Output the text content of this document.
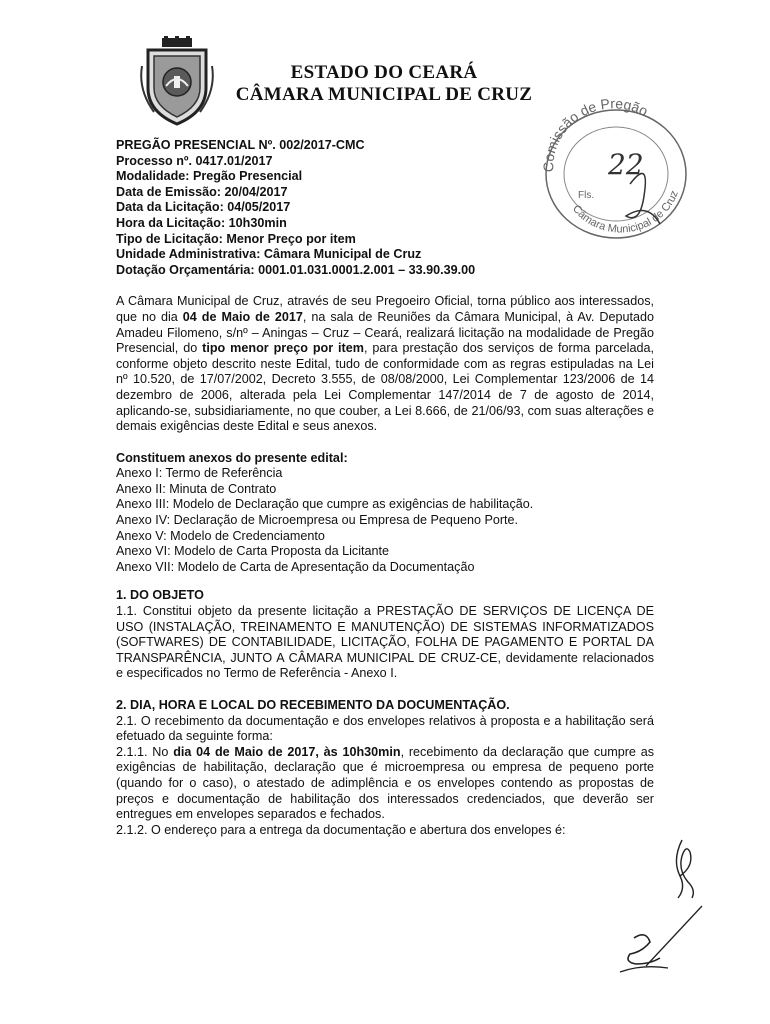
ESTADO DO CEARÁ
CÂMARA MUNICIPAL DE CRUZ
Comissão de Pregão
Câmara Municipal de Cruz
22
Fls.
PREGÃO PRESENCIAL Nº. 002/2017-CMC
Processo nº. 0417.01/2017
Modalidade: Pregão Presencial
Data de Emissão: 20/04/2017
Data da Licitação: 04/05/2017
Hora da Licitação: 10h30min
Tipo de Licitação: Menor Preço por item
Unidade Administrativa: Câmara Municipal de Cruz
Dotação Orçamentária: 0001.01.031.0001.2.001 – 33.90.39.00

A Câmara Municipal de Cruz, através de seu Pregoeiro Oficial, torna público aos interessados, que no dia 04 de Maio de 2017, na sala de Reuniões da Câmara Municipal, à Av. Deputado Amadeu Filomeno, s/nº – Aningas – Cruz – Ceará, realizará licitação na modalidade de Pregão Presencial, do tipo menor preço por item, para prestação dos serviços de forma parcelada, conforme objeto descrito neste Edital, tudo de conformidade com as regras estipuladas na Lei nº 10.520, de 17/07/2002, Decreto 3.555, de 08/08/2000, Lei Complementar 123/2006 de 14 dezembro de 2006, alterada pela Lei Complementar 147/2014 de 7 de agosto de 2014, aplicando-se, subsidiariamente, no que couber, a Lei 8.666, de 21/06/93, com suas alterações e demais exigências deste Edital e seus anexos.

Constituem anexos do presente edital:
Anexo I: Termo de Referência
Anexo II: Minuta de Contrato
Anexo III: Modelo de Declaração que cumpre as exigências de habilitação.
Anexo IV: Declaração de Microempresa ou Empresa de Pequeno Porte.
Anexo V: Modelo de Credenciamento
Anexo VI: Modelo de Carta Proposta da Licitante
Anexo VII: Modelo de Carta de Apresentação da Documentação
1. DO OBJETO

1.1. Constitui objeto da presente licitação a PRESTAÇÃO DE SERVIÇOS DE LICENÇA DE USO (INSTALAÇÃO, TREINAMENTO E MANUTENÇÃO) DE SISTEMAS INFORMATIZADOS (SOFTWARES) DE CONTABILIDADE, LICITAÇÃO, FOLHA DE PAGAMENTO E PORTAL DA TRANSPARÊNCIA, JUNTO A CÂMARA MUNICIPAL DE CRUZ-CE, devidamente relacionados e especificados no Termo de Referência - Anexo I.

2. DIA, HORA E LOCAL DO RECEBIMENTO DA DOCUMENTAÇÃO.

2.1. O recebimento da documentação e dos envelopes relativos à proposta e a habilitação será efetuado da seguinte forma:

2.1.1. No dia 04 de Maio de 2017, às 10h30min, recebimento da declaração que cumpre as exigências de habilitação, declaração que é microempresa ou empresa de pequeno porte (quando for o caso), o atestado de adimplência e os envelopes contendo as propostas de preços e documentação de habilitação dos interessados credenciados, que deverão ser entregues em envelopes separados e fechados.

2.1.2. O endereço para a entrega da documentação e abertura dos envelopes é:
